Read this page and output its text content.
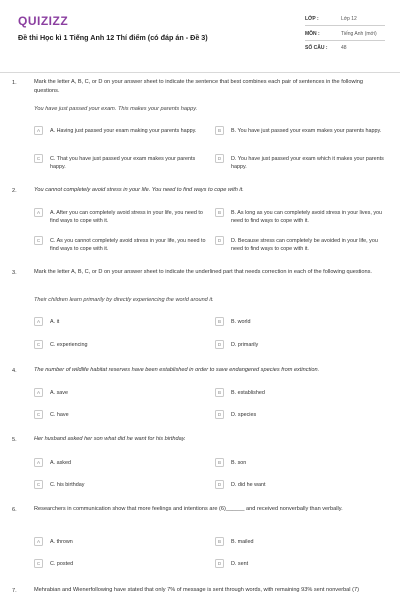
QUIZIZZ
Đề thi Học kì 1 Tiếng Anh 12 Thí điểm (có đáp án - Đề 3)
LỚP :	Lớp 12
MÔN :	Tiếng Anh (mới)
SỐ CÂU :	48
1.	Mark the letter A, B, C, or D on your answer sheet to indicate the sentence that best combines each pair of sentences in the following questions.
You have just passed your exam. This makes your parents happy.
A	A. Having just passed your exam making your parents happy.	B	B. You have just passed your exam makes your parents happy.
C	C. That you have just passed your exam makes your parents happy.
D	D. You have just passed your exam which it makes your parents happy.
2.	You cannot completely avoid stress in your life. You need to find ways to cope with it.
A	A. After you can completely avoid stress in your life, you need to find ways to cope with it.
B	B. As long as you can completely avoid stress in your lives, you need to find ways to cope with it.
C	C. As you cannot completely avoid stress in your life, you need to find ways to cope with it.
D	D. Because stress can completely be avoided in your life, you need to find ways to cope with it.
3.	Mark the letter A, B, C, or D on your answer sheet to indicate the underlined part that needs correction in each of the following questions.
Their children learn primarily by directly experiencing the world around it.
A	A. it	B	B. world
C	C. experiencing	D	D. primarily
4.	The number of wildlife habitat reserves have been established in order to save endangered species from extinction.
A	A. save	B	B. established
C	C. have	D	D. species
5.	Her husband asked her son what did he want for his birthday.
A	A. asked	B	B. son
C	C. his birthday	D	D. did he want
6.	Researchers in communication show that more feelings and intentions are (6)______ and received nonverbally than verbally.
A	A. thrown	B	B. mailed
C	C. posted	D	D. sent
7.	Mehrabian and Wienerfollowing have stated that only 7% of message is sent through words, with remaining 93% sent nonverbal (7)
